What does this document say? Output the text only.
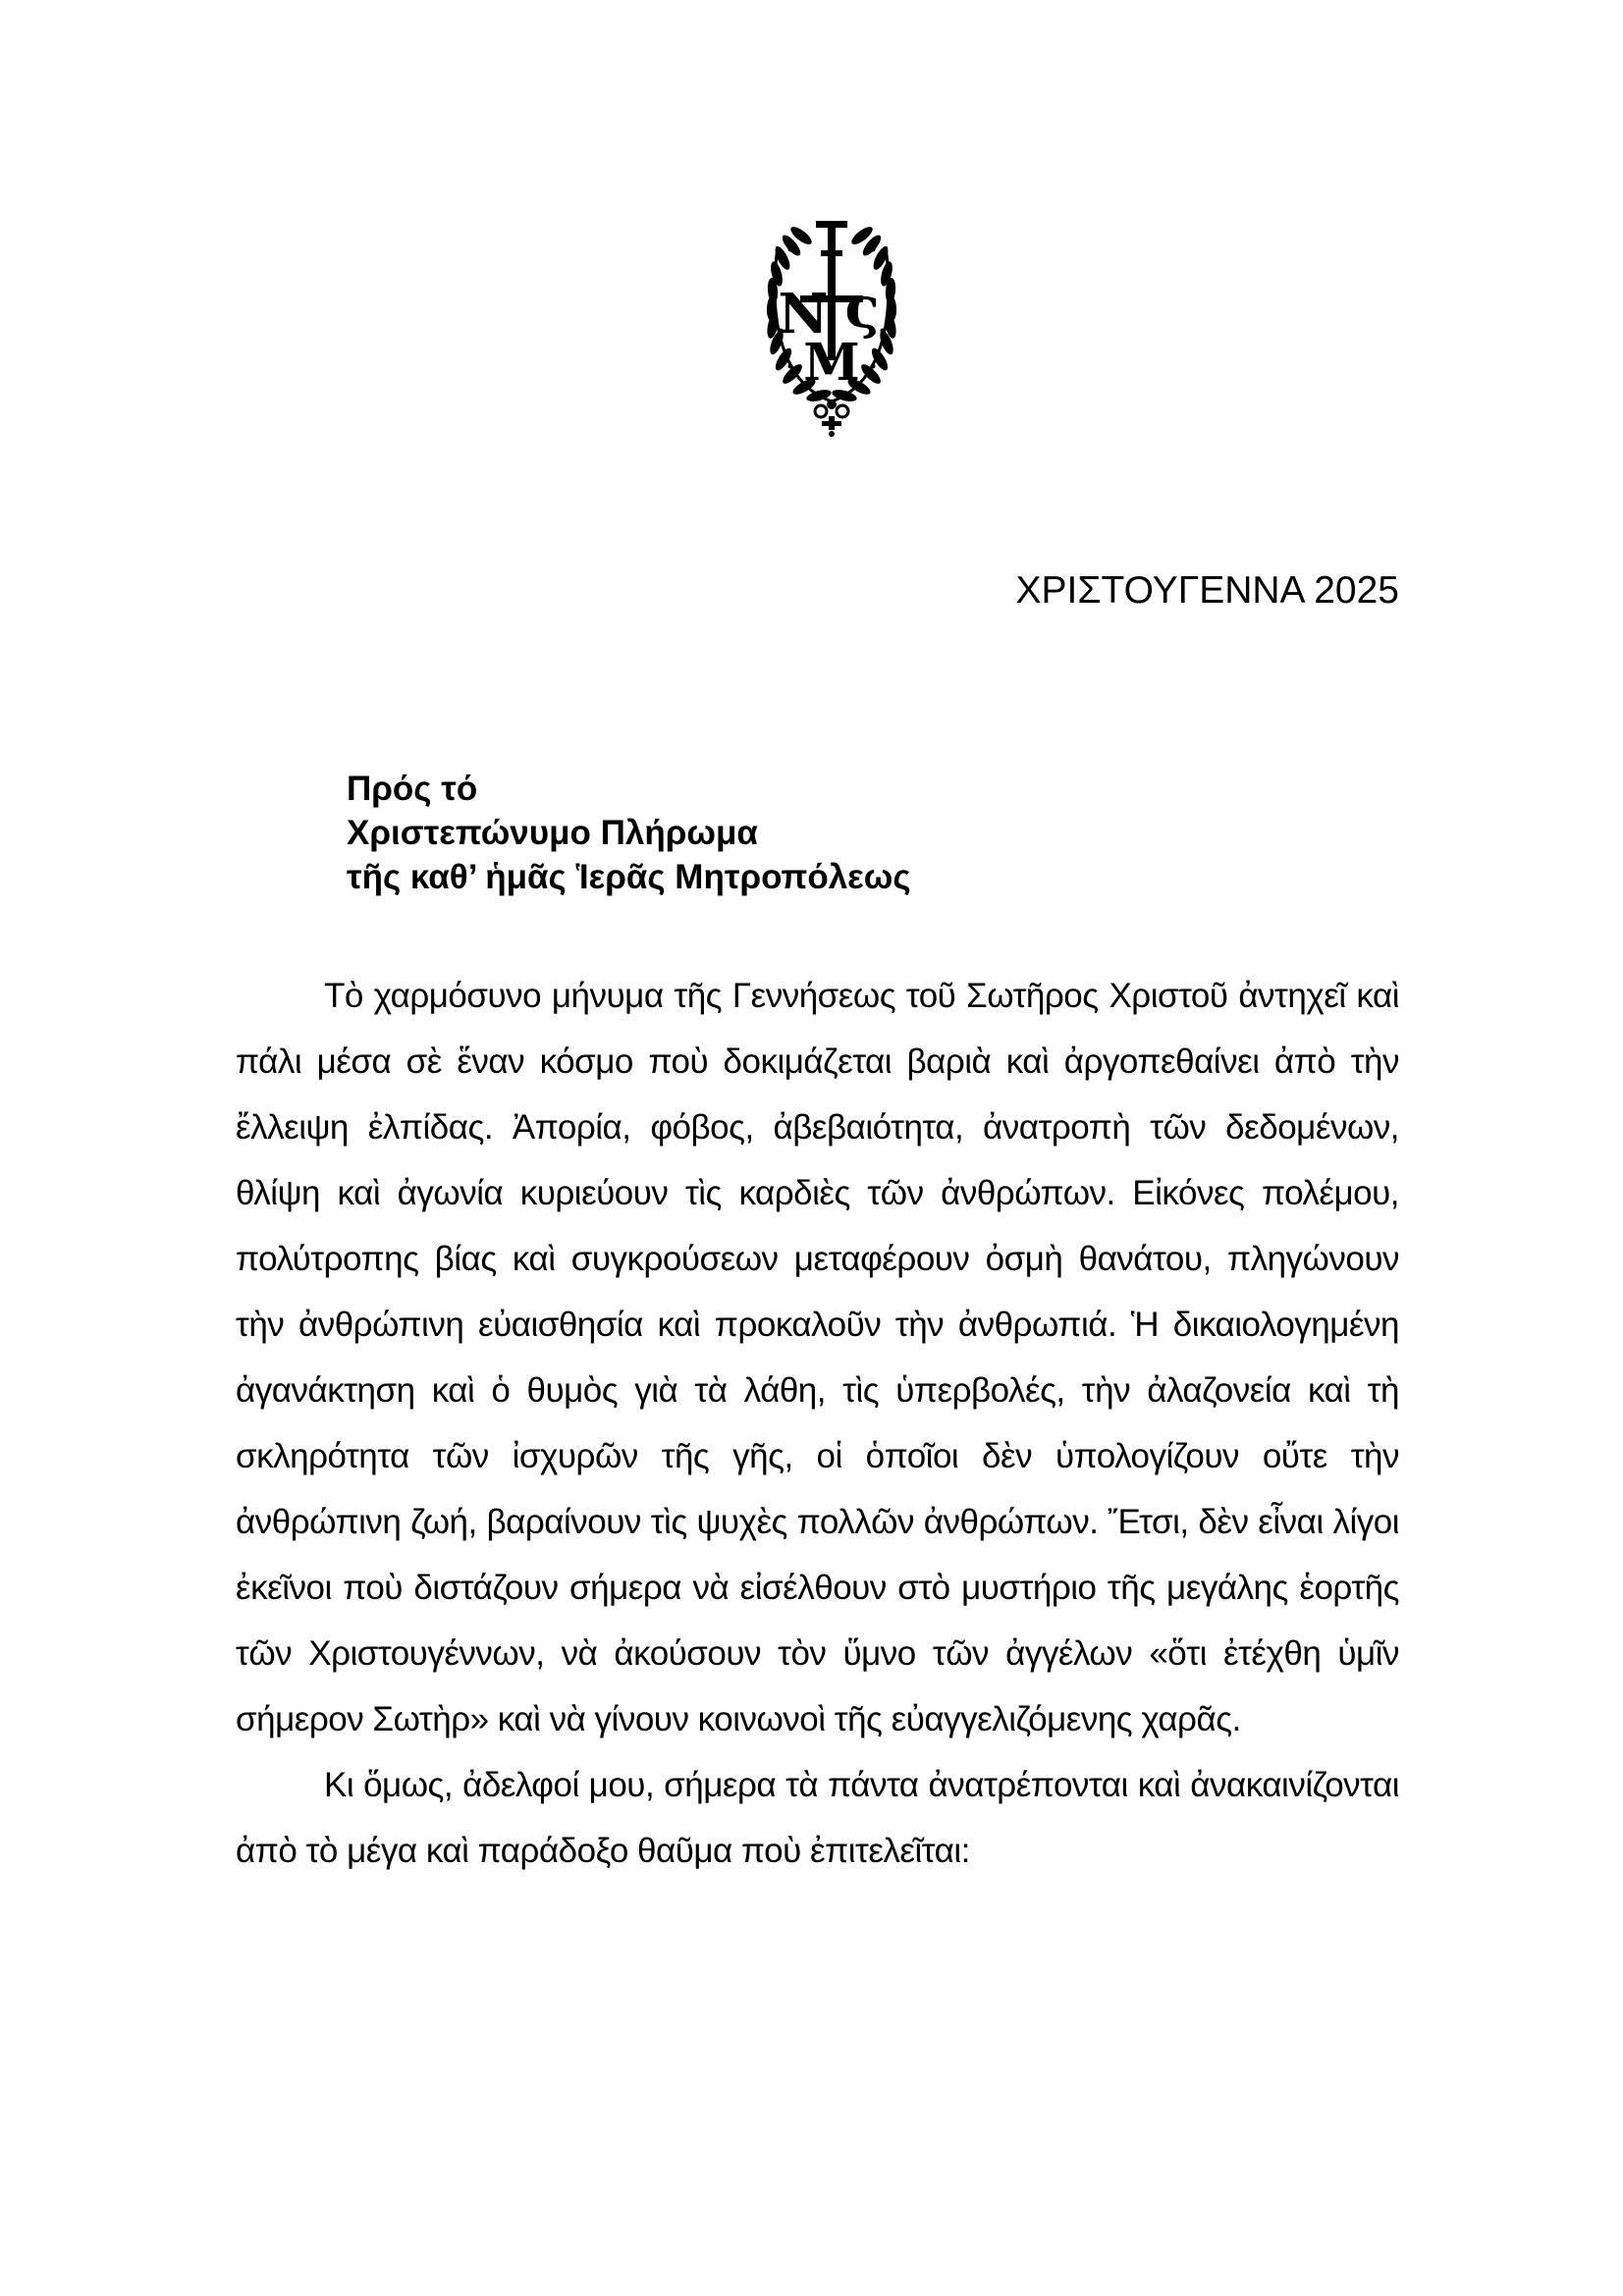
Ν ς
Μ
ΧΡΙΣΤΟΥΓΕΝΝΑ 2025
Πρός τό
Χριστεπώνυμο Πλήρωμα
τῆς καθ’ ἡμᾶς Ἱερᾶς Μητροπόλεως

Τὸ χαρμόσυνο μήνυμα τῆς Γεννήσεως τοῦ Σωτῆρος Χριστοῦ ἀντηχεῖ καὶ πάλι μέσα σὲ ἕναν κόσμο ποὺ δοκιμάζεται βαριὰ καὶ ἀργοπεθαίνει ἀπὸ τὴν ἔλλειψη ἐλπίδας. Ἀπορία, φόβος, ἀβεβαιότητα, ἀνατροπὴ τῶν δεδομένων, θλίψη καὶ ἀγωνία κυριεύουν τὶς καρδιὲς τῶν ἀνθρώπων. Εἰκόνες πολέμου, πολύτροπης βίας καὶ συγκρούσεων μεταφέρουν ὀσμὴ θανάτου, πληγώνουν τὴν ἀνθρώπινη εὐαισθησία καὶ προκαλοῦν τὴν ἀνθρωπιά. Ἡ δικαιολογημένη ἀγανάκτηση καὶ ὁ θυμὸς γιὰ τὰ λάθη, τὶς ὑπερβολές, τὴν ἀλαζονεία καὶ τὴ σκληρότητα τῶν ἰσχυρῶν τῆς γῆς, οἱ ὁποῖοι δὲν ὑπολογίζουν οὔτε τὴν ἀνθρώπινη ζωή, βαραίνουν τὶς ψυχὲς πολλῶν ἀνθρώπων. Ἔτσι, δὲν εἶναι λίγοι ἐκεῖνοι ποὺ διστάζουν σήμερα νὰ εἰσέλθουν στὸ μυστήριο τῆς μεγάλης ἑορτῆς τῶν Χριστουγέννων, νὰ ἀκούσουν τὸν ὕμνο τῶν ἀγγέλων «ὅτι ἐτέχθη ὑμῖν σήμερον Σωτὴρ» καὶ νὰ γίνουν κοινωνοὶ τῆς εὐαγγελιζόμενης χαρᾶς.

Κι ὅμως, ἀδελφοί μου, σήμερα τὰ πάντα ἀνατρέπονται καὶ ἀνακαινίζονται ἀπὸ τὸ μέγα καὶ παράδοξο θαῦμα ποὺ ἐπιτελεῖται:
